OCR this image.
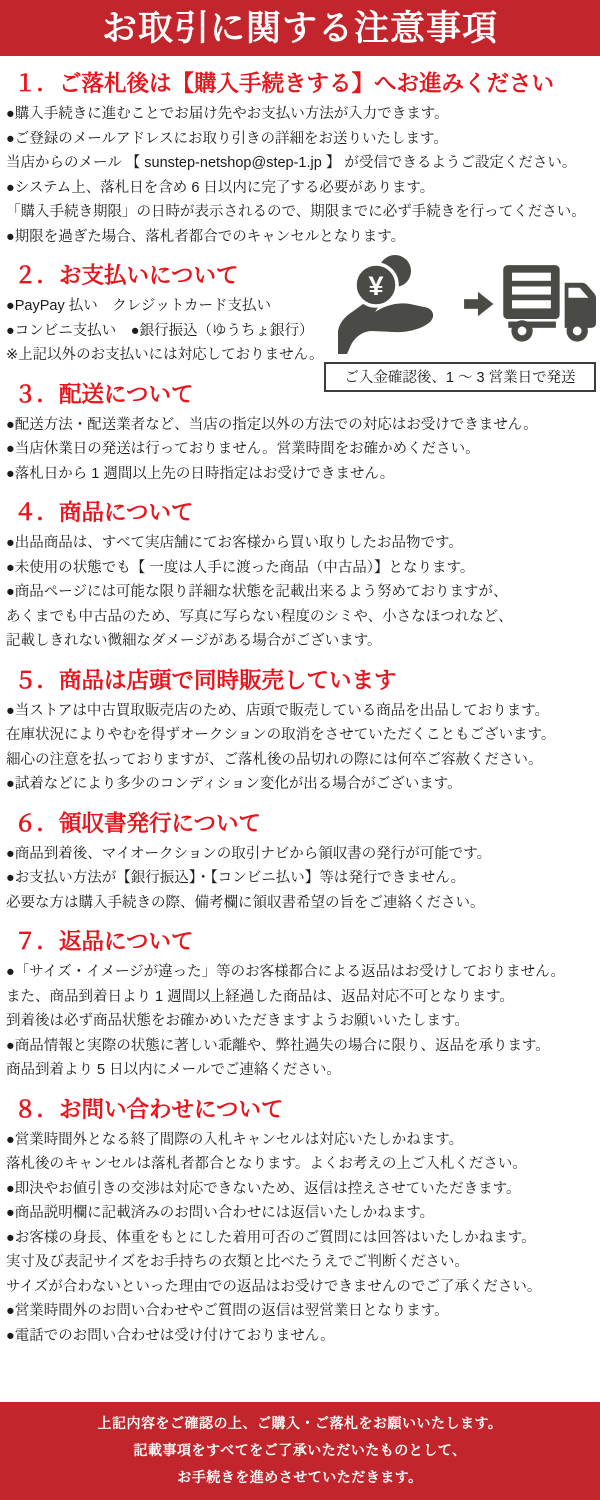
お取引に関する注意事項
１．ご落札後は【購入手続きする】へお進みください

●購入手続きに進むことでお届け先やお支払い方法が入力できます。

●ご登録のメールアドレスにお取り引きの詳細をお送りいたします。

当店からのメール 【 sunstep-netshop@step-1.jp 】 が受信できるようご設定ください。

●システム上、落札日を含め 6 日以内に完了する必要があります。

「購入手続き期限」の日時が表示されるので、期限までに必ず手続きを行ってください。

●期限を過ぎた場合、落札者都合でのキャンセルとなります。

２．お支払いについて

●PayPay 払い　クレジットカード支払い

●コンビニ支払い　●銀行振込（ゆうちょ銀行）

※上記以外のお支払いには対応しておりません。

¥
ご入金確認後、1 ～ 3 営業日で発送
３．配送について

●配送方法・配送業者など、当店の指定以外の方法での対応はお受けできません。

●当店休業日の発送は行っておりません。営業時間をお確かめください。

●落札日から 1 週間以上先の日時指定はお受けできません。

４．商品について

●出品商品は、すべて実店舗にてお客様から買い取りしたお品物です。

●未使用の状態でも【 一度は人手に渡った商品（中古品）】となります。

●商品ページには可能な限り詳細な状態を記載出来るよう努めておりますが、

あくまでも中古品のため、写真に写らない程度のシミや、小さなほつれなど、

記載しきれない微細なダメージがある場合がございます。

５．商品は店頭で同時販売しています

●当ストアは中古買取販売店のため、店頭で販売している商品を出品しております。

在庫状況によりやむを得ずオークションの取消をさせていただくこともございます。

細心の注意を払っておりますが、ご落札後の品切れの際には何卒ご容赦ください。

●試着などにより多少のコンディション変化が出る場合がございます。

６．領収書発行について

●商品到着後、マイオークションの取引ナビから領収書の発行が可能です。

●お支払い方法が【銀行振込】・【コンビニ払い】等は発行できません。

必要な方は購入手続きの際、備考欄に領収書希望の旨をご連絡ください。

７．返品について

●「サイズ・イメージが違った」等のお客様都合による返品はお受けしておりません。

また、商品到着日より 1 週間以上経過した商品は、返品対応不可となります。

到着後は必ず商品状態をお確かめいただきますようお願いいたします。

●商品情報と実際の状態に著しい乖離や、弊社過失の場合に限り、返品を承ります。

商品到着より 5 日以内にメールでご連絡ください。

８．お問い合わせについて

●営業時間外となる終了間際の入札キャンセルは対応いたしかねます。

落札後のキャンセルは落札者都合となります。よくお考えの上ご入札ください。

●即決やお値引きの交渉は対応できないため、返信は控えさせていただきます。

●商品説明欄に記載済みのお問い合わせには返信いたしかねます。

●お客様の身長、体重をもとにした着用可否のご質問には回答はいたしかねます。

実寸及び表記サイズをお手持ちの衣類と比べたうえでご判断ください。

サイズが合わないといった理由での返品はお受けできませんのでご了承ください。

●営業時間外のお問い合わせやご質問の返信は翌営業日となります。

●電話でのお問い合わせは受け付けておりません。

上記内容をご確認の上、ご購入・ご落札をお願いいたします。

記載事項をすべてをご了承いただいたものとして、

お手続きを進めさせていただきます。
